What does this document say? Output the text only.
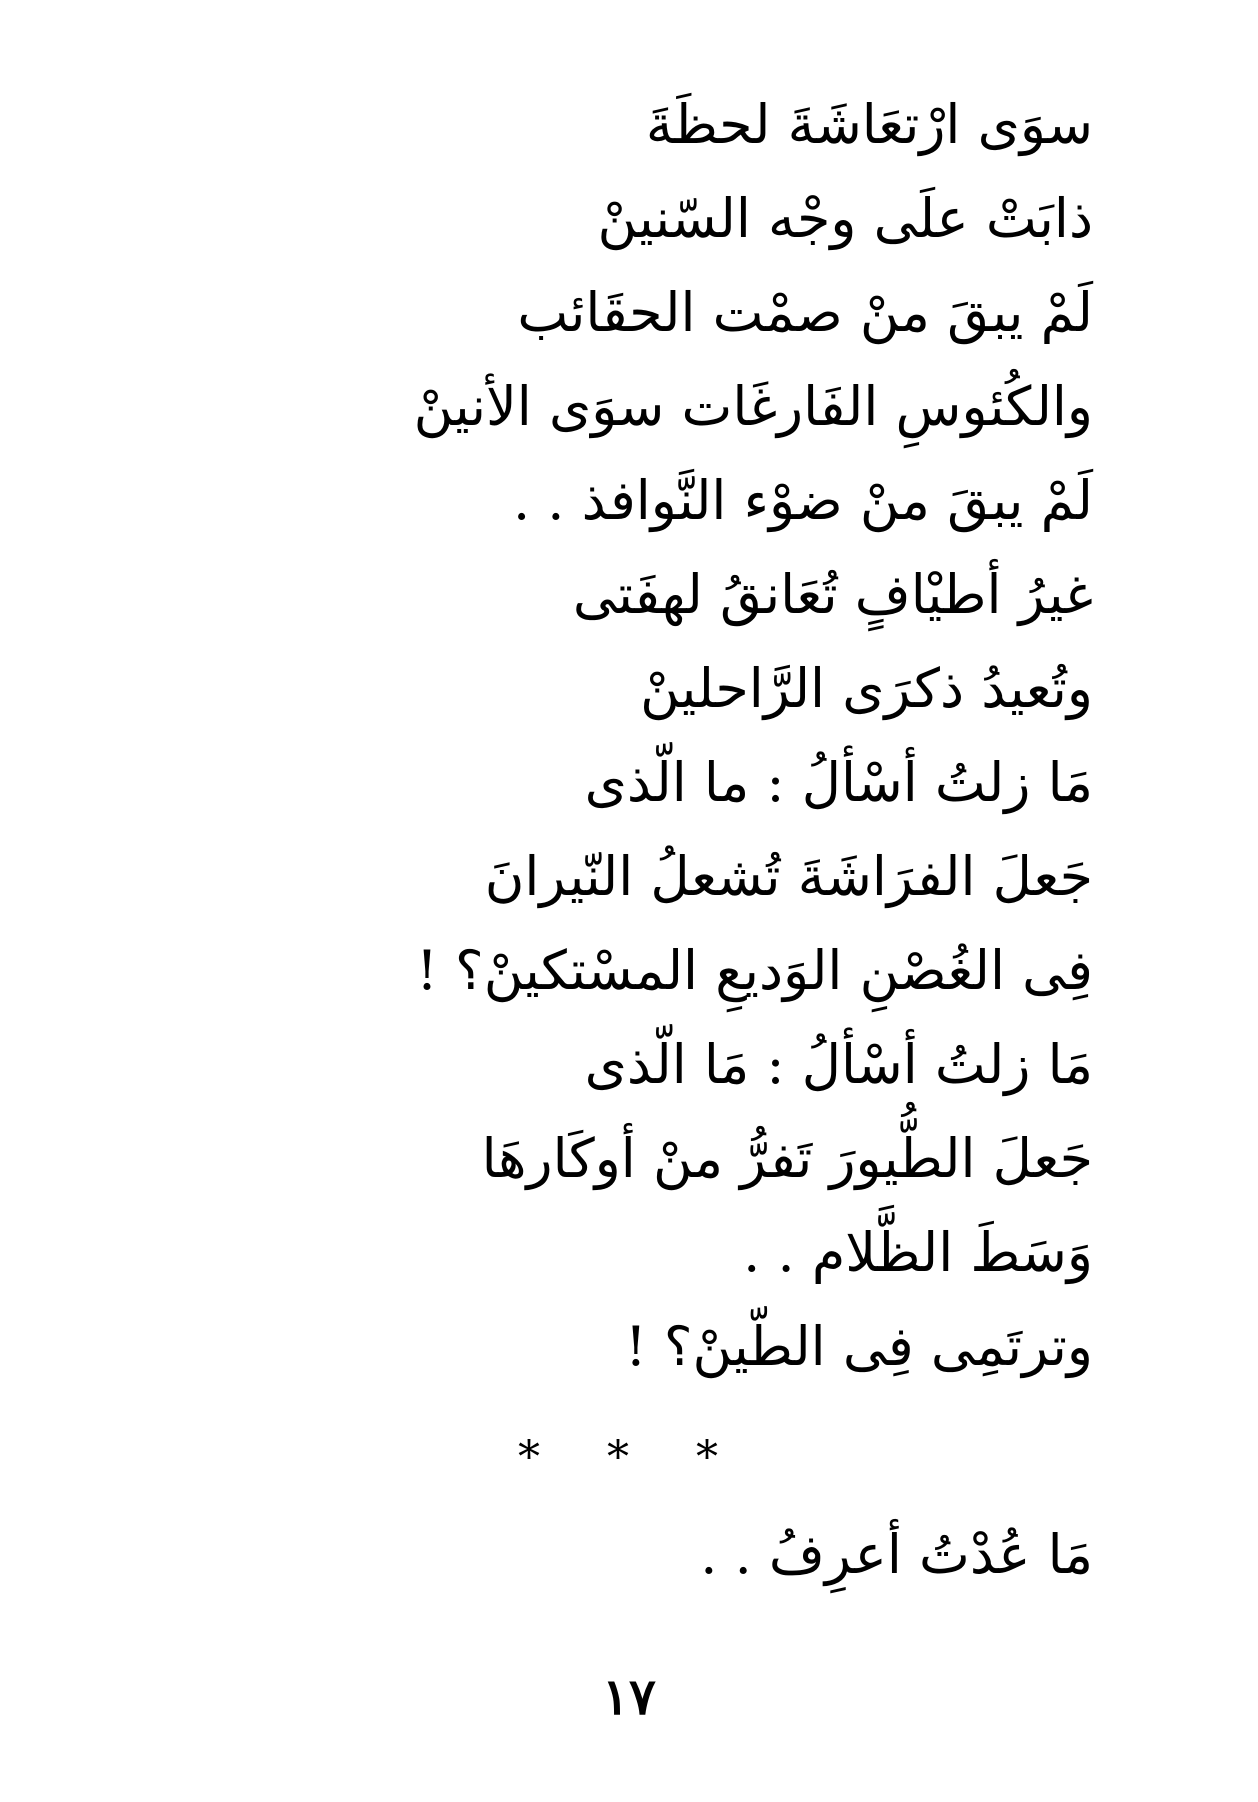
سوَى ارْتعَاشَةَ لحظَةَ
ذابَتْ علَى وجْه السّنينْ
لَمْ يبقَ منْ صمْت الحقَائب
والكُئوسِ الفَارغَات سوَى الأنينْ
لَمْ يبقَ منْ ضوْء النَّوافذ . .
غيرُ أطيْافٍ تُعَانقُ لهفَتى
وتُعيدُ ذكرَى الرَّاحلينْ
مَا زلتُ أسْألُ : ما الّذى
جَعلَ الفرَاشَةَ تُشعلُ النّيرانَ
فِى الغُصْنِ الوَديعِ المسْتكينْ؟ !
مَا زلتُ أسْألُ : مَا الّذى
جَعلَ الطُّيورَ تَفرُّ منْ أوكَارهَا
وَسَطَ الظَّلام . .
وترتَمِى فِى الطّينْ؟ !
* * *
مَا عُدْتُ أعرِفُ . .
١٧
